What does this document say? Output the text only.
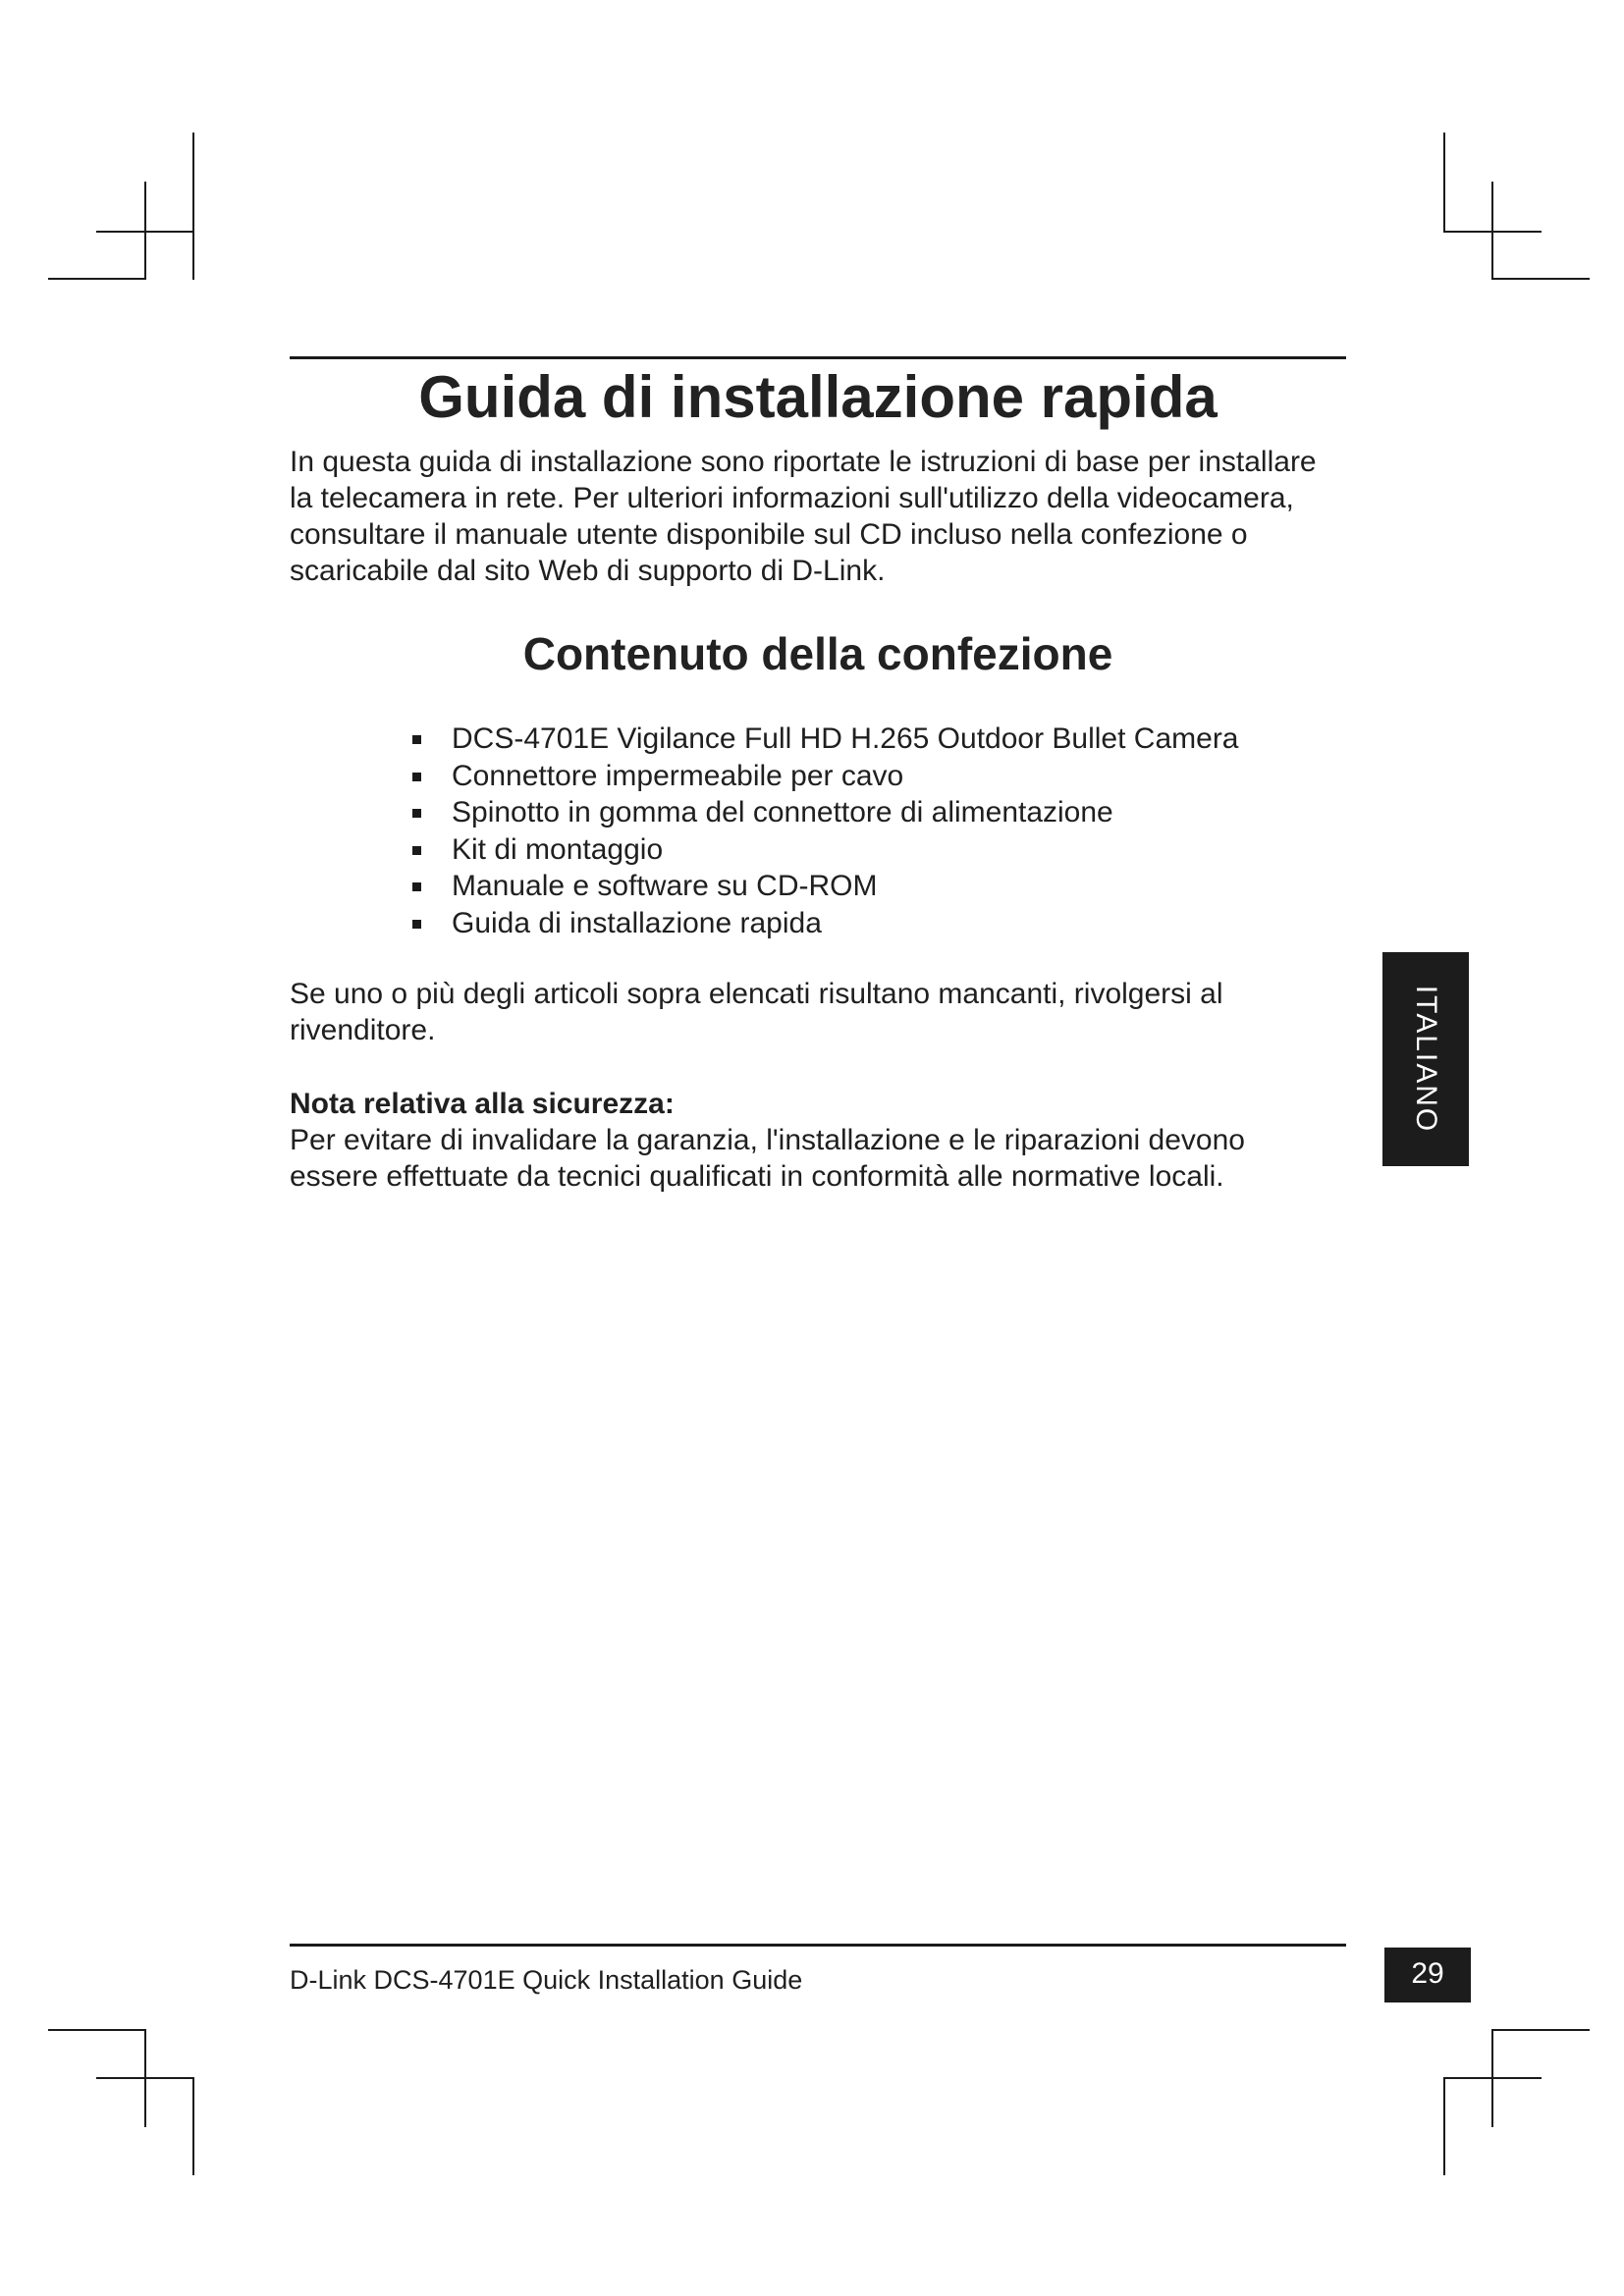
Guida di installazione rapida

In questa guida di installazione sono riportate le istruzioni di base per installare la telecamera in rete. Per ulteriori informazioni sull'utilizzo della videocamera, consultare il manuale utente disponibile sul CD incluso nella confezione o scaricabile dal sito Web di supporto di D-Link.

Contenuto della confezione
DCS-4701E Vigilance Full HD H.265 Outdoor Bullet Camera
Connettore impermeabile per cavo
Spinotto in gomma del connettore di alimentazione
Kit di montaggio
Manuale e software su CD-ROM
Guida di installazione rapida

Se uno o più degli articoli sopra elencati risultano mancanti, rivolgersi al rivenditore.

Nota relativa alla sicurezza:

Per evitare di invalidare la garanzia, l'installazione e le riparazioni devono essere effettuate da tecnici qualificati in conformità alle normative locali.

ITALIANO
D-Link DCS-4701E Quick Installation Guide	29
